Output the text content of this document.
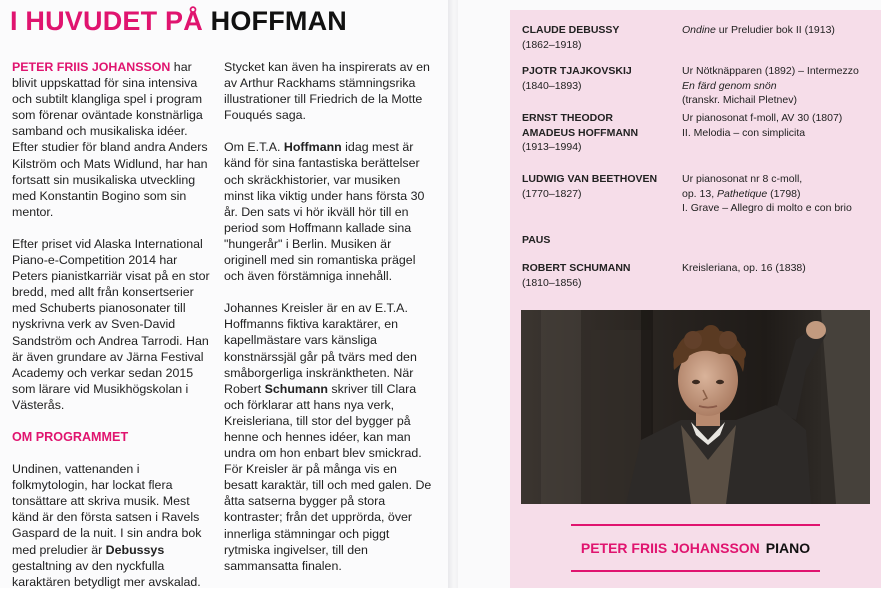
I HUVUDET PÅ HOFFMAN

PETER FRIIS JOHANSSON har blivit uppskattad för sina intensiva och subtilt klangliga spel i program som förenar oväntade konstnärliga samband och musikaliska idéer. Efter studier för bland andra Anders Kilström och Mats Widlund, har han fortsatt sin musikaliska utveckling med Konstantin Bogino som sin mentor.

Efter priset vid Alaska International Piano-e-Competition 2014 har Peters pianistkarriär visat på en stor bredd, med allt från konsertserier med Schuberts pianosonater till nyskrivna verk av Sven-David Sandström och Andrea Tarrodi. Han är även grundare av Järna Festival Academy och verkar sedan 2015 som lärare vid Musikhögskolan i Västerås.

OM PROGRAMMET

Undinen, vattenanden i folkmytologin, har lockat flera tonsättare att skriva musik. Mest känd är den första satsen i Ravels Gaspard de la nuit. I sin andra bok med preludier är Debussys gestaltning av den nyckfulla karaktären betydligt mer avskalad.

Stycket kan även ha inspirerats av en av Arthur Rackhams stämningsrika illustrationer till Friedrich de la Motte Fouqués saga.

Om E.T.A. Hoffmann idag mest är känd för sina fantastiska berättelser och skräckhistorier, var musiken minst lika viktig under hans första 30 år. Den sats vi hör ikväll hör till en period som Hoffmann kallade sina "hungerår" i Berlin. Musiken är originell med sin romantiska prägel och även förstämniga innehåll.

Johannes Kreisler är en av E.T.A. Hoffmanns fiktiva karaktärer, en kapellmästare vars känsliga konstnärssjäl går på tvärs med den småborgerliga inskränktheten. När Robert Schumann skriver till Clara och förklarar att hans nya verk, Kreisleriana, till stor del bygger på henne och hennes idéer, kan man undra om hon enbart blev smickrad. För Kreisler är på många vis en besatt karaktär, till och med galen. De åtta satserna bygger på stora kontraster; från det upprörda, över innerliga stämningar och piggt rytmiska ingivelser, till den sammansatta finalen.

CLAUDE DEBUSSY
(1862–1918)
Ondine ur Preludier bok II (1913)
PJOTR TJAJKOVSKIJ
(1840–1893)
Ur Nötknäpparen (1892) – Intermezzo
En färd genom snön
(transkr. Michail Pletnev)
ERNST THEODOR
AMADEUS HOFFMANN
(1913–1994)
Ur pianosonat f-moll, AV 30 (1807)
II. Melodia – con simplicita
LUDWIG VAN BEETHOVEN
(1770–1827)
Ur pianosonat nr 8 c-moll,
op. 13, Pathetique (1798)
I. Grave – Allegro di molto e con brio
PAUS
ROBERT SCHUMANN
(1810–1856)
Kreisleriana, op. 16 (1838)
PETER FRIIS JOHANSSON PIANO
